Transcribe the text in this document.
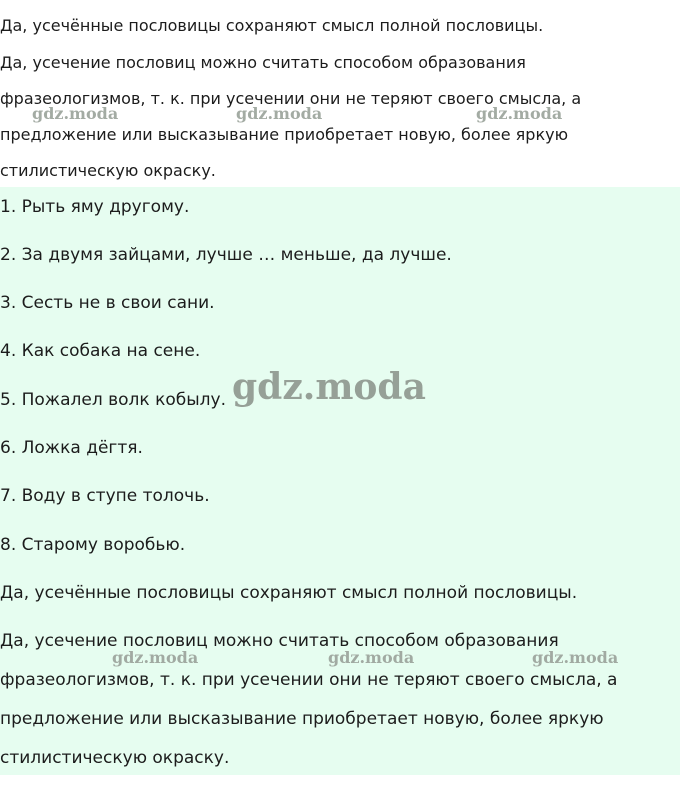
Да, усечённые пословицы сохраняют смысл полной пословицы.
Да, усечение пословиц можно считать способом образования
фразеологизмов, т. к. при усечении они не теряют своего смысла, а
предложение или высказывание приобретает новую, более яркую
стилистическую окраску.
1. Рыть яму другому.
2. За двумя зайцами, лучше … меньше, да лучше.
3. Сесть не в свои сани.
4. Как собака на сене.
5. Пожалел волк кобылу.
6. Ложка дёгтя.
7. Воду в ступе толочь.
8. Старому воробью.
Да, усечённые пословицы сохраняют смысл полной пословицы.
Да, усечение пословиц можно считать способом образования
фразеологизмов, т. к. при усечении они не теряют своего смысла, а
предложение или высказывание приобретает новую, более яркую
стилистическую окраску.
gdz.moda	gdz.moda	gdz.moda
gdz.moda
gdz.moda	gdz.moda	gdz.moda
